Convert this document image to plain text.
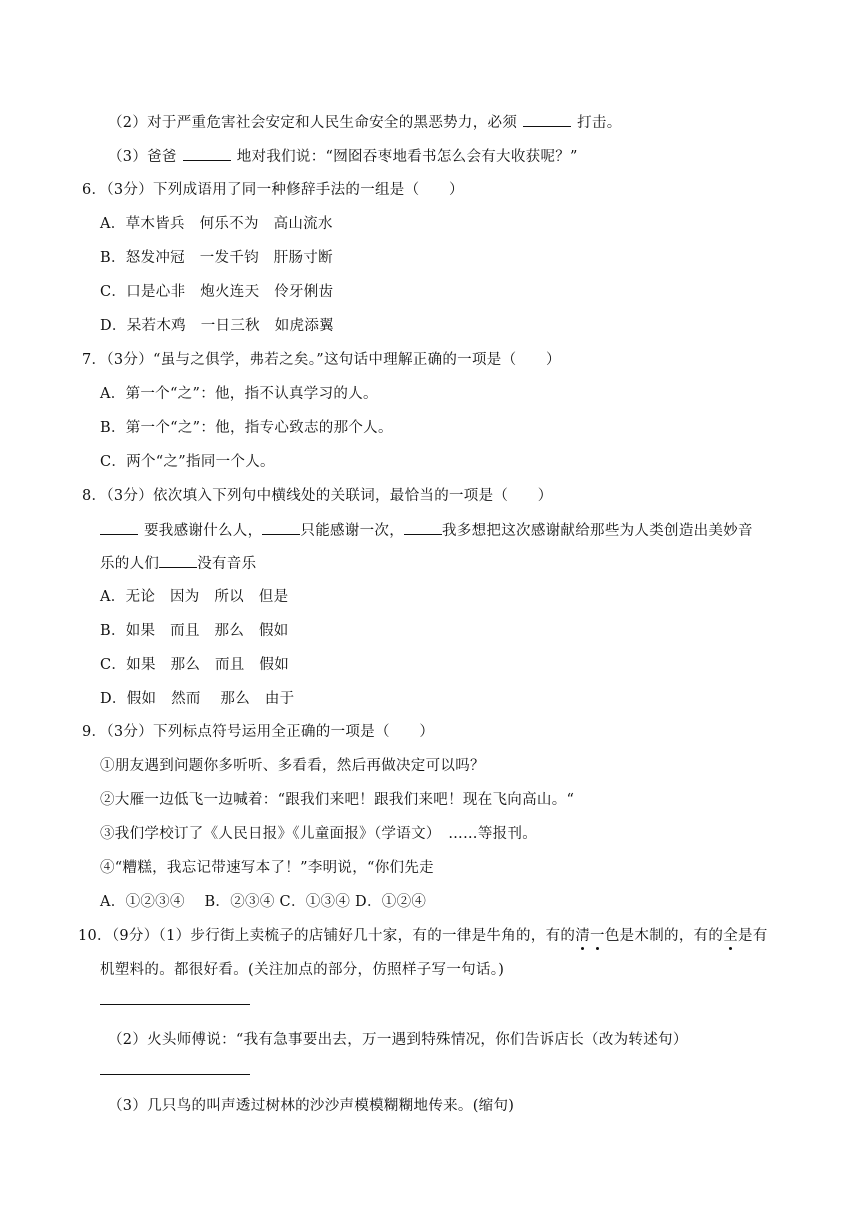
（2）对于严重危害社会安定和人民生命安全的黑恶势力，必须	打击。
（3）爸爸	地对我们说：“囫囵吞枣地看书怎么会有大收获呢？”
6．（3分）下列成语用了同一种修辞手法的一组是（　　）
A．草木皆兵　何乐不为　高山流水
B．怒发冲冠　一发千钧　肝肠寸断
C．口是心非　炮火连天　伶牙俐齿
D．呆若木鸡　一日三秋　如虎添翼
7．（3分）“虽与之俱学，弗若之矣。”这句话中理解正确的一项是（　　）
A．第一个“之”：他，指不认真学习的人。
B．第一个“之”：他，指专心致志的那个人。
C．两个“之”指同一个人。
8．（3分）依次填入下列句中横线处的关联词，最恰当的一项是（　　）
要我感谢什么人，	只能感谢一次，	我多想把这次感谢献给那些为人类创造出美妙音
乐的人们	没有音乐
A．无论　因为　所以　但是
B．如果　而且　那么　假如
C．如果　那么　而且　假如
D．假如　然而　 那么　由于
9．（3分）下列标点符号运用全正确的一项是（　　）
①朋友遇到问题你多听听、多看看，然后再做决定可以吗？
②大雁一边低飞一边喊着：“跟我们来吧！跟我们来吧！现在飞向高山。“
③我们学校订了《人民日报》《儿童面报》（学语文）　……等报刊。
④“糟糕，我忘记带速写本了！”李明说，“你们先走
A．①②③④　 B．②③④ C．①③④ D．①②④
10．（9分）（1）步行街上卖梳子的店铺好几十家，有的一律是牛角的，有的清一色是木制的，有的全是有
机塑料的。都很好看。(关注加点的部分，仿照样子写一句话。)
（2）火头师傅说：“我有急事要出去，万一遇到特殊情况，你们告诉店长（改为转述句）
（3）几只鸟的叫声透过树林的沙沙声模模糊糊地传来。(缩句)
